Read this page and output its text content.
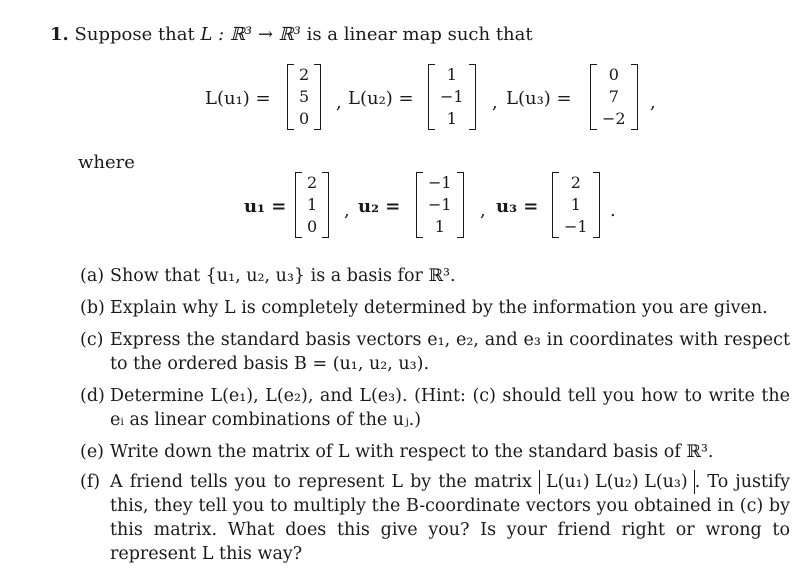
1. Suppose that L : ℝ³ → ℝ³ is a linear map such that
L(u₁) =
2
5
0
, L(u₂) =
1
−1
1
, L(u₃) =
0
7
−2
,
where
u₁ =
2
1
0
, u₂ =
−1
−1
1
, u₃ =
2
1
−1
.
(a) Show that {u₁, u₂, u₃} is a basis for ℝ³.
(b) Explain why L is completely determined by the information you are given.
(c) Express the standard basis vectors e₁, e₂, and e₃ in coordinates with respect to the ordered basis B = (u₁, u₂, u₃).
(d) Determine L(e₁), L(e₂), and L(e₃). (Hint: (c) should tell you how to write the eᵢ as linear combinations of the uⱼ.)
(e) Write down the matrix of L with respect to the standard basis of ℝ³.
(f) A friend tells you to represent L by the matrix L(u₁) L(u₂) L(u₃) . To justify this, they tell you to multiply the B-coordinate vectors you obtained in (c) by this matrix. What does this give you? Is your friend right or wrong to represent L this way?
